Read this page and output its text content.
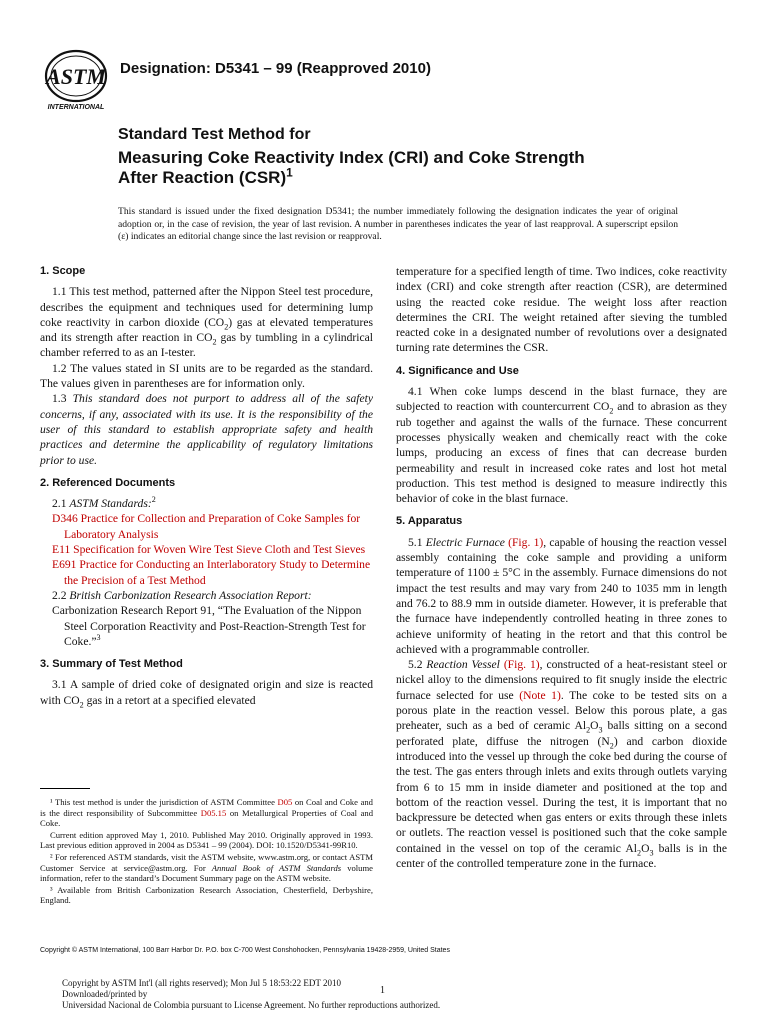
ASTM
INTERNATIONAL
Designation: D5341 – 99 (Reapproved 2010)
Standard Test Method for
Measuring Coke Reactivity Index (CRI) and Coke Strength
After Reaction (CSR)$^1$
This standard is issued under the fixed designation D5341; the number immediately following the designation indicates the year of original adoption or, in the case of revision, the year of last revision. A number in parentheses indicates the year of last reapproval. A superscript epsilon (ε) indicates an editorial change since the last revision or reapproval.

1. Scope

1.1 This test method, patterned after the Nippon Steel test procedure, describes the equipment and techniques used for determining lump coke reactivity in carbon dioxide $(CO_2)$ gas at elevated temperatures and its strength after reaction in $CO_2$ gas by tumbling in a cylindrical chamber referred to as an I-tester.

1.2 The values stated in SI units are to be regarded as the standard. The values given in parentheses are for information only.

1.3 This standard does not purport to address all of the safety concerns, if any, associated with its use. It is the responsibility of the user of this standard to establish appropriate safety and health practices and determine the applicability of regulatory limitations prior to use.

2. Referenced Documents

2.1 ASTM Standards:$^2$

D346 Practice for Collection and Preparation of Coke Samples for Laboratory Analysis

E11 Specification for Woven Wire Test Sieve Cloth and Test Sieves

E691 Practice for Conducting an Interlaboratory Study to Determine the Precision of a Test Method

2.2 British Carbonization Research Association Report:

Carbonization Research Report 91, “The Evaluation of the Nippon Steel Corporation Reactivity and Post-Reaction-Strength Test for Coke.”$^3$

3. Summary of Test Method

3.1 A sample of dried coke of designated origin and size is reacted with $CO_2$ gas in a retort at a specified elevated

¹ This test method is under the jurisdiction of ASTM Committee D05 on Coal and Coke and is the direct responsibility of Subcommittee D05.15 on Metallurgical Properties of Coal and Coke.

Current edition approved May 1, 2010. Published May 2010. Originally approved in 1993. Last previous edition approved in 2004 as D5341 – 99 (2004). DOI: 10.1520/D5341-99R10.

² For referenced ASTM standards, visit the ASTM website, www.astm.org, or contact ASTM Customer Service at service@astm.org. For Annual Book of ASTM Standards volume information, refer to the standard’s Document Summary page on the ASTM website.

³ Available from British Carbonization Research Association, Chesterfield, Derbyshire, England.

temperature for a specified length of time. Two indices, coke reactivity index (CRI) and coke strength after reaction (CSR), are determined using the reacted coke residue. The weight loss after reaction determines the CRI. The weight retained after sieving the tumbled reacted coke in a designated number of revolutions over a designated turning rate determines the CSR.

4. Significance and Use

4.1 When coke lumps descend in the blast furnace, they are subjected to reaction with countercurrent $CO_2$ and to abrasion as they rub together and against the walls of the furnace. These concurrent processes physically weaken and chemically react with the coke lumps, producing an excess of fines that can decrease burden permeability and result in increased coke rates and lost hot metal production. This test method is designed to measure indirectly this behavior of coke in the blast furnace.

5. Apparatus

5.1 Electric Furnace (Fig. 1), capable of housing the reaction vessel assembly containing the coke sample and providing a uniform temperature of 1100 ± 5°C in the assembly. Furnace dimensions do not impact the test results and may vary from 240 to 1035 mm in length and 76.2 to 88.9 mm in outside diameter. However, it is preferable that the furnace have independently controlled heating in three zones to achieve uniformity of heating in the retort and that this control be achieved with a programmable controller.

5.2 Reaction Vessel (Fig. 1), constructed of a heat-resistant steel or nickel alloy to the dimensions required to fit snugly inside the electric furnace selected for use (Note 1). The coke to be tested sits on a porous plate in the reaction vessel. Below this porous plate, a gas preheater, such as a bed of ceramic $Al_2O_3$ balls sitting on a second perforated plate, diffuse the nitrogen $(N_2)$ and carbon dioxide introduced into the vessel up through the coke bed during the course of the test. The gas enters through inlets and exits through outlets varying from 6 to 15 mm in inside diameter and positioned at the top and bottom of the reaction vessel. During the test, it is important that no backpressure be detected when gas enters or exits through these inlets or outlets. The reaction vessel is positioned such that the coke sample contained in the vessel on top of the ceramic $Al_2O_3$ balls is in the center of the controlled temperature zone in the furnace.

Copyright © ASTM International, 100 Barr Harbor Dr. P.O. box C-700 West Conshohocken, Pennsylvania 19428-2959, United States
Copyright by ASTM Int'l (all rights reserved); Mon Jul 5 18:53:22 EDT 2010
Downloaded/printed by
Universidad Nacional de Colombia pursuant to License Agreement. No further reproductions authorized.
1
